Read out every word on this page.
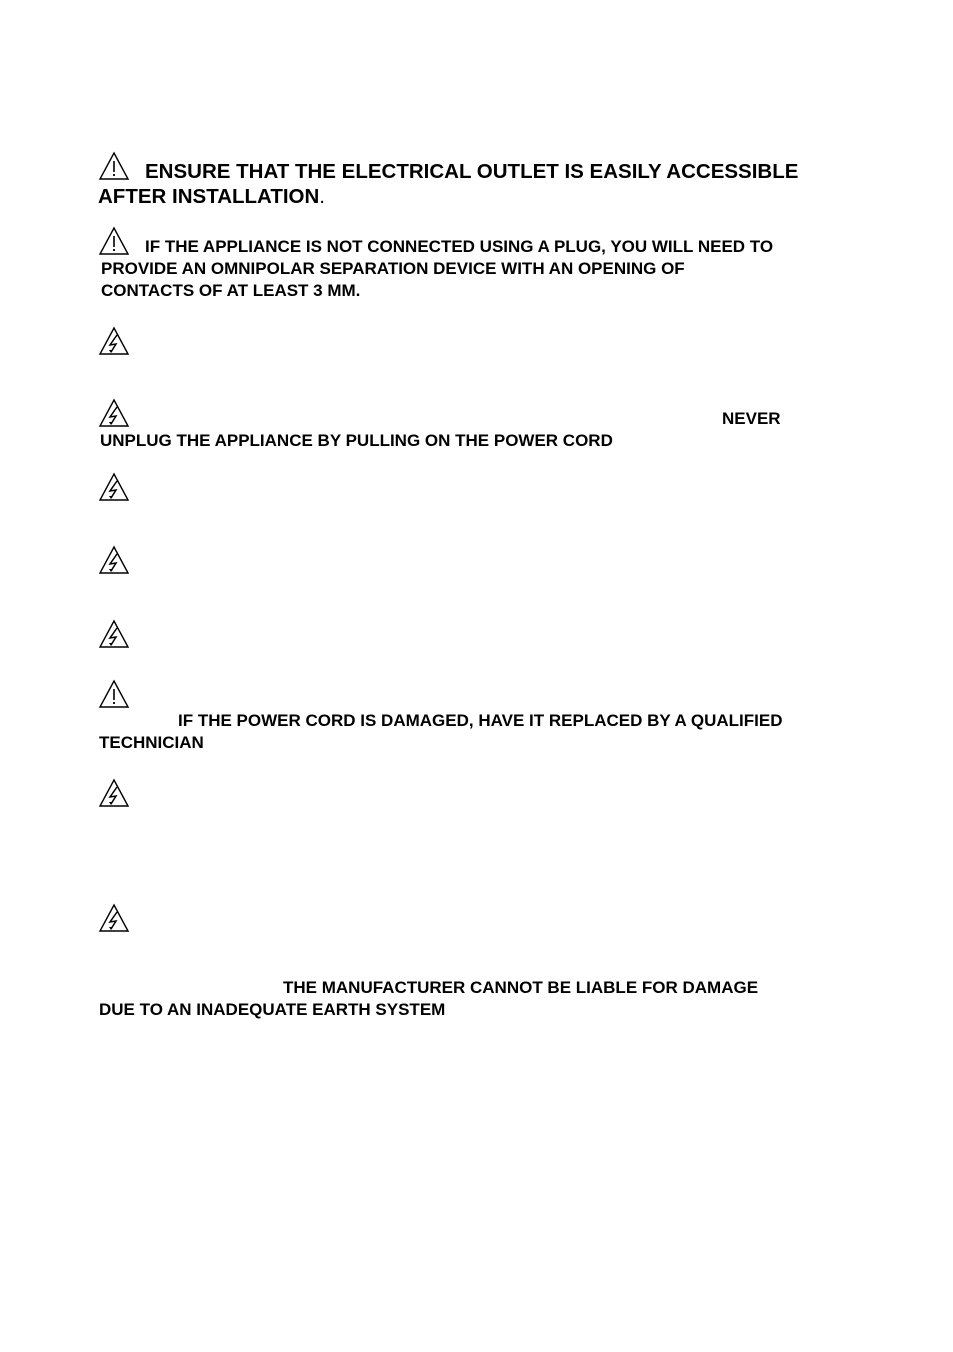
ENSURE THAT THE ELECTRICAL OUTLET IS EASILY ACCESSIBLE
AFTER INSTALLATION.
IF THE APPLIANCE IS NOT CONNECTED USING A PLUG, YOU WILL NEED TO
PROVIDE AN OMNIPOLAR SEPARATION DEVICE WITH AN OPENING OF
CONTACTS OF AT LEAST 3 MM.
NEVER
UNPLUG THE APPLIANCE BY PULLING ON THE POWER CORD
IF THE POWER CORD IS DAMAGED, HAVE IT REPLACED BY A QUALIFIED
TECHNICIAN
THE MANUFACTURER CANNOT BE LIABLE FOR DAMAGE
DUE TO AN INADEQUATE EARTH SYSTEM
